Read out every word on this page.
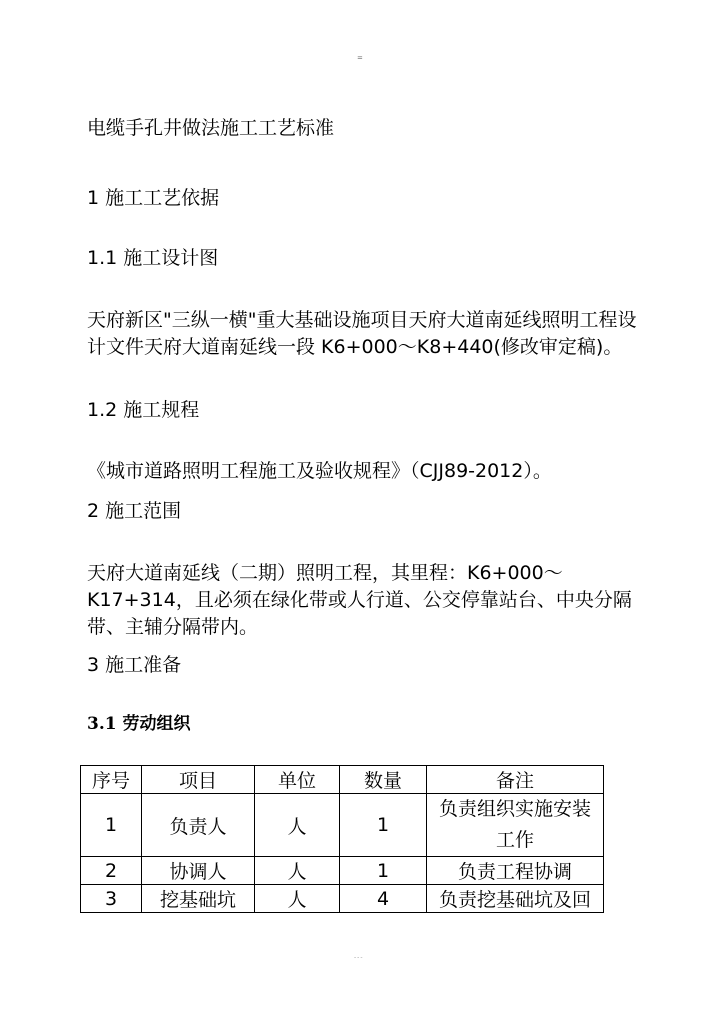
=
电缆手孔井做法施工工艺标准
1 施工工艺依据
1.1 施工设计图
天府新区"三纵一横"重大基础设施项目天府大道南延线照明工程设计文件天府大道南延线一段 K6+000～K8+440(修改审定稿)。
1.2 施工规程
《城市道路照明工程施工及验收规程》（CJJ89-2012）。
2 施工范围
天府大道南延线（二期）照明工程，其里程：K6+000～K17+314，且必须在绿化带或人行道、公交停靠站台、中央分隔带、主辅分隔带内。
3 施工准备
3.1 劳动组织
序号	项目	单位	数量	备注
1	负责人	人	1	负责组织实施安装工作
2	协调人	人	1	负责工程协调
3	挖基础坑	人	4	负责挖基础坑及回
---
